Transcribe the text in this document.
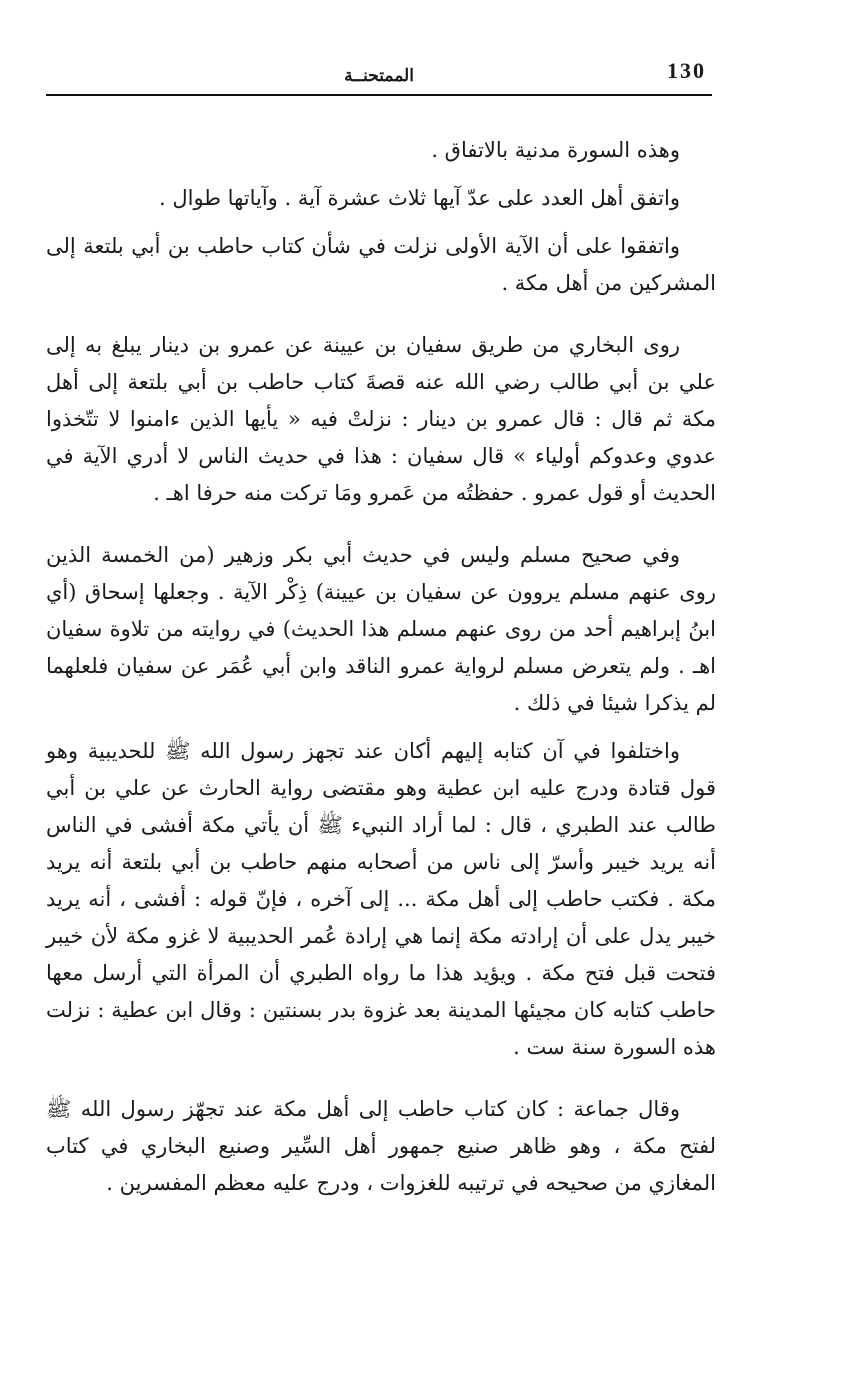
130
الممتحنــة

وهذه السورة مدنية بالاتفاق .

واتفق أهل العدد على عدّ آيها ثلاث عشرة آية . وآياتها طوال .

واتفقوا على أن الآية الأولى نزلت في شأن كتاب حاطب بن أبي بلتعة إلى المشركين من أهل مكة .

روى البخاري من طريق سفيان بن عيينة عن عمرو بن دينار يبلغ به إلى علي بن أبي طالب رضي الله عنه قصةَ كتاب حاطب بن أبي بلتعة إلى أهل مكة ثم قال : قال عمرو بن دينار : نزلتْ فيه « يأيها الذين ءامنوا لا تتّخذوا عدوي وعدوكم أولياء » قال سفيان : هذا في حديث الناس لا أدري الآية في الحديث أو قول عمرو . حفظتُه من عَمرو ومَا تركت منه حرفا اهـ .

وفي صحيح مسلم وليس في حديث أبي بكر وزهير (من الخمسة الذين روى عنهم مسلم يروون عن سفيان بن عيينة) ذِكْر الآية . وجعلها إسحاق (أي ابنُ إبراهيم أحد من روى عنهم مسلم هذا الحديث) في روايته من تلاوة سفيان اهـ . ولم يتعرض مسلم لرواية عمرو الناقد وابن أبي عُمَر عن سفيان فلعلهما لم يذكرا شيئا في ذلك .

واختلفوا في آن كتابه إليهم أكان عند تجهز رسول الله ﷺ للحديبية وهو قول قتادة ودرج عليه ابن عطية وهو مقتضى رواية الحارث عن علي بن أبي طالب عند الطبري ، قال : لما أراد النبيء ﷺ أن يأتي مكة أفشى في الناس أنه يريد خيبر وأسرّ إلى ناس من أصحابه منهم حاطب بن أبي بلتعة أنه يريد مكة . فكتب حاطب إلى أهل مكة ... إلى آخره ، فإنّ قوله : أفشى ، أنه يريد خيبر يدل على أن إرادته مكة إنما هي إرادة عُمر الحديبية لا غزو مكة لأن خيبر فتحت قبل فتح مكة . ويؤيد هذا ما رواه الطبري أن المرأة التي أرسل معها حاطب كتابه كان مجيئها المدينة بعد غزوة بدر بسنتين : وقال ابن عطية : نزلت هذه السورة سنة ست .

وقال جماعة : كان كتاب حاطب إلى أهل مكة عند تجهّز رسول الله ﷺ لفتح مكة ، وهو ظاهر صنيع جمهور أهل السِّير وصنيع البخاري في كتاب المغازي من صحيحه في ترتيبه للغزوات ، ودرج عليه معظم المفسرين .
